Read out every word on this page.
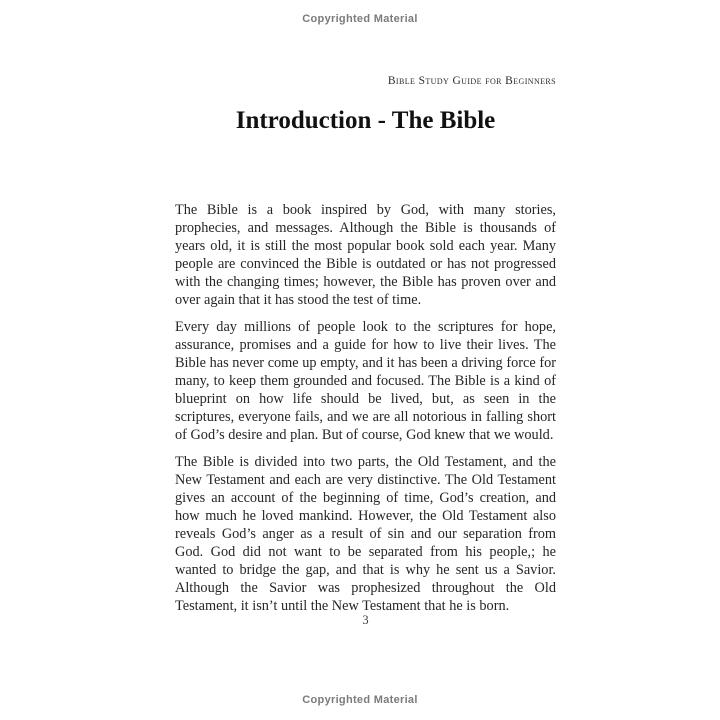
Copyrighted Material
Bible Study Guide for Beginners
Introduction - The Bible

The Bible is a book inspired by God, with many stories, prophecies, and messages. Although the Bible is thousands of years old, it is still the most popular book sold each year. Many people are convinced the Bible is outdated or has not progressed with the changing times; however, the Bible has proven over and over again that it has stood the test of time.

Every day millions of people look to the scriptures for hope, assurance, promises and a guide for how to live their lives. The Bible has never come up empty, and it has been a driving force for many, to keep them grounded and focused. The Bible is a kind of blueprint on how life should be lived, but, as seen in the scriptures, everyone fails, and we are all notorious in falling short of God’s desire and plan. But of course, God knew that we would.

The Bible is divided into two parts, the Old Testament, and the New Testament and each are very distinctive. The Old Testament gives an account of the beginning of time, God’s creation, and how much he loved mankind. However, the Old Testament also reveals God’s anger as a result of sin and our separation from God. God did not want to be separated from his people,; he wanted to bridge the gap, and that is why he sent us a Savior. Although the Savior was prophesized throughout the Old Testament, it isn’t until the New Testament that he is born.

3
Copyrighted Material
